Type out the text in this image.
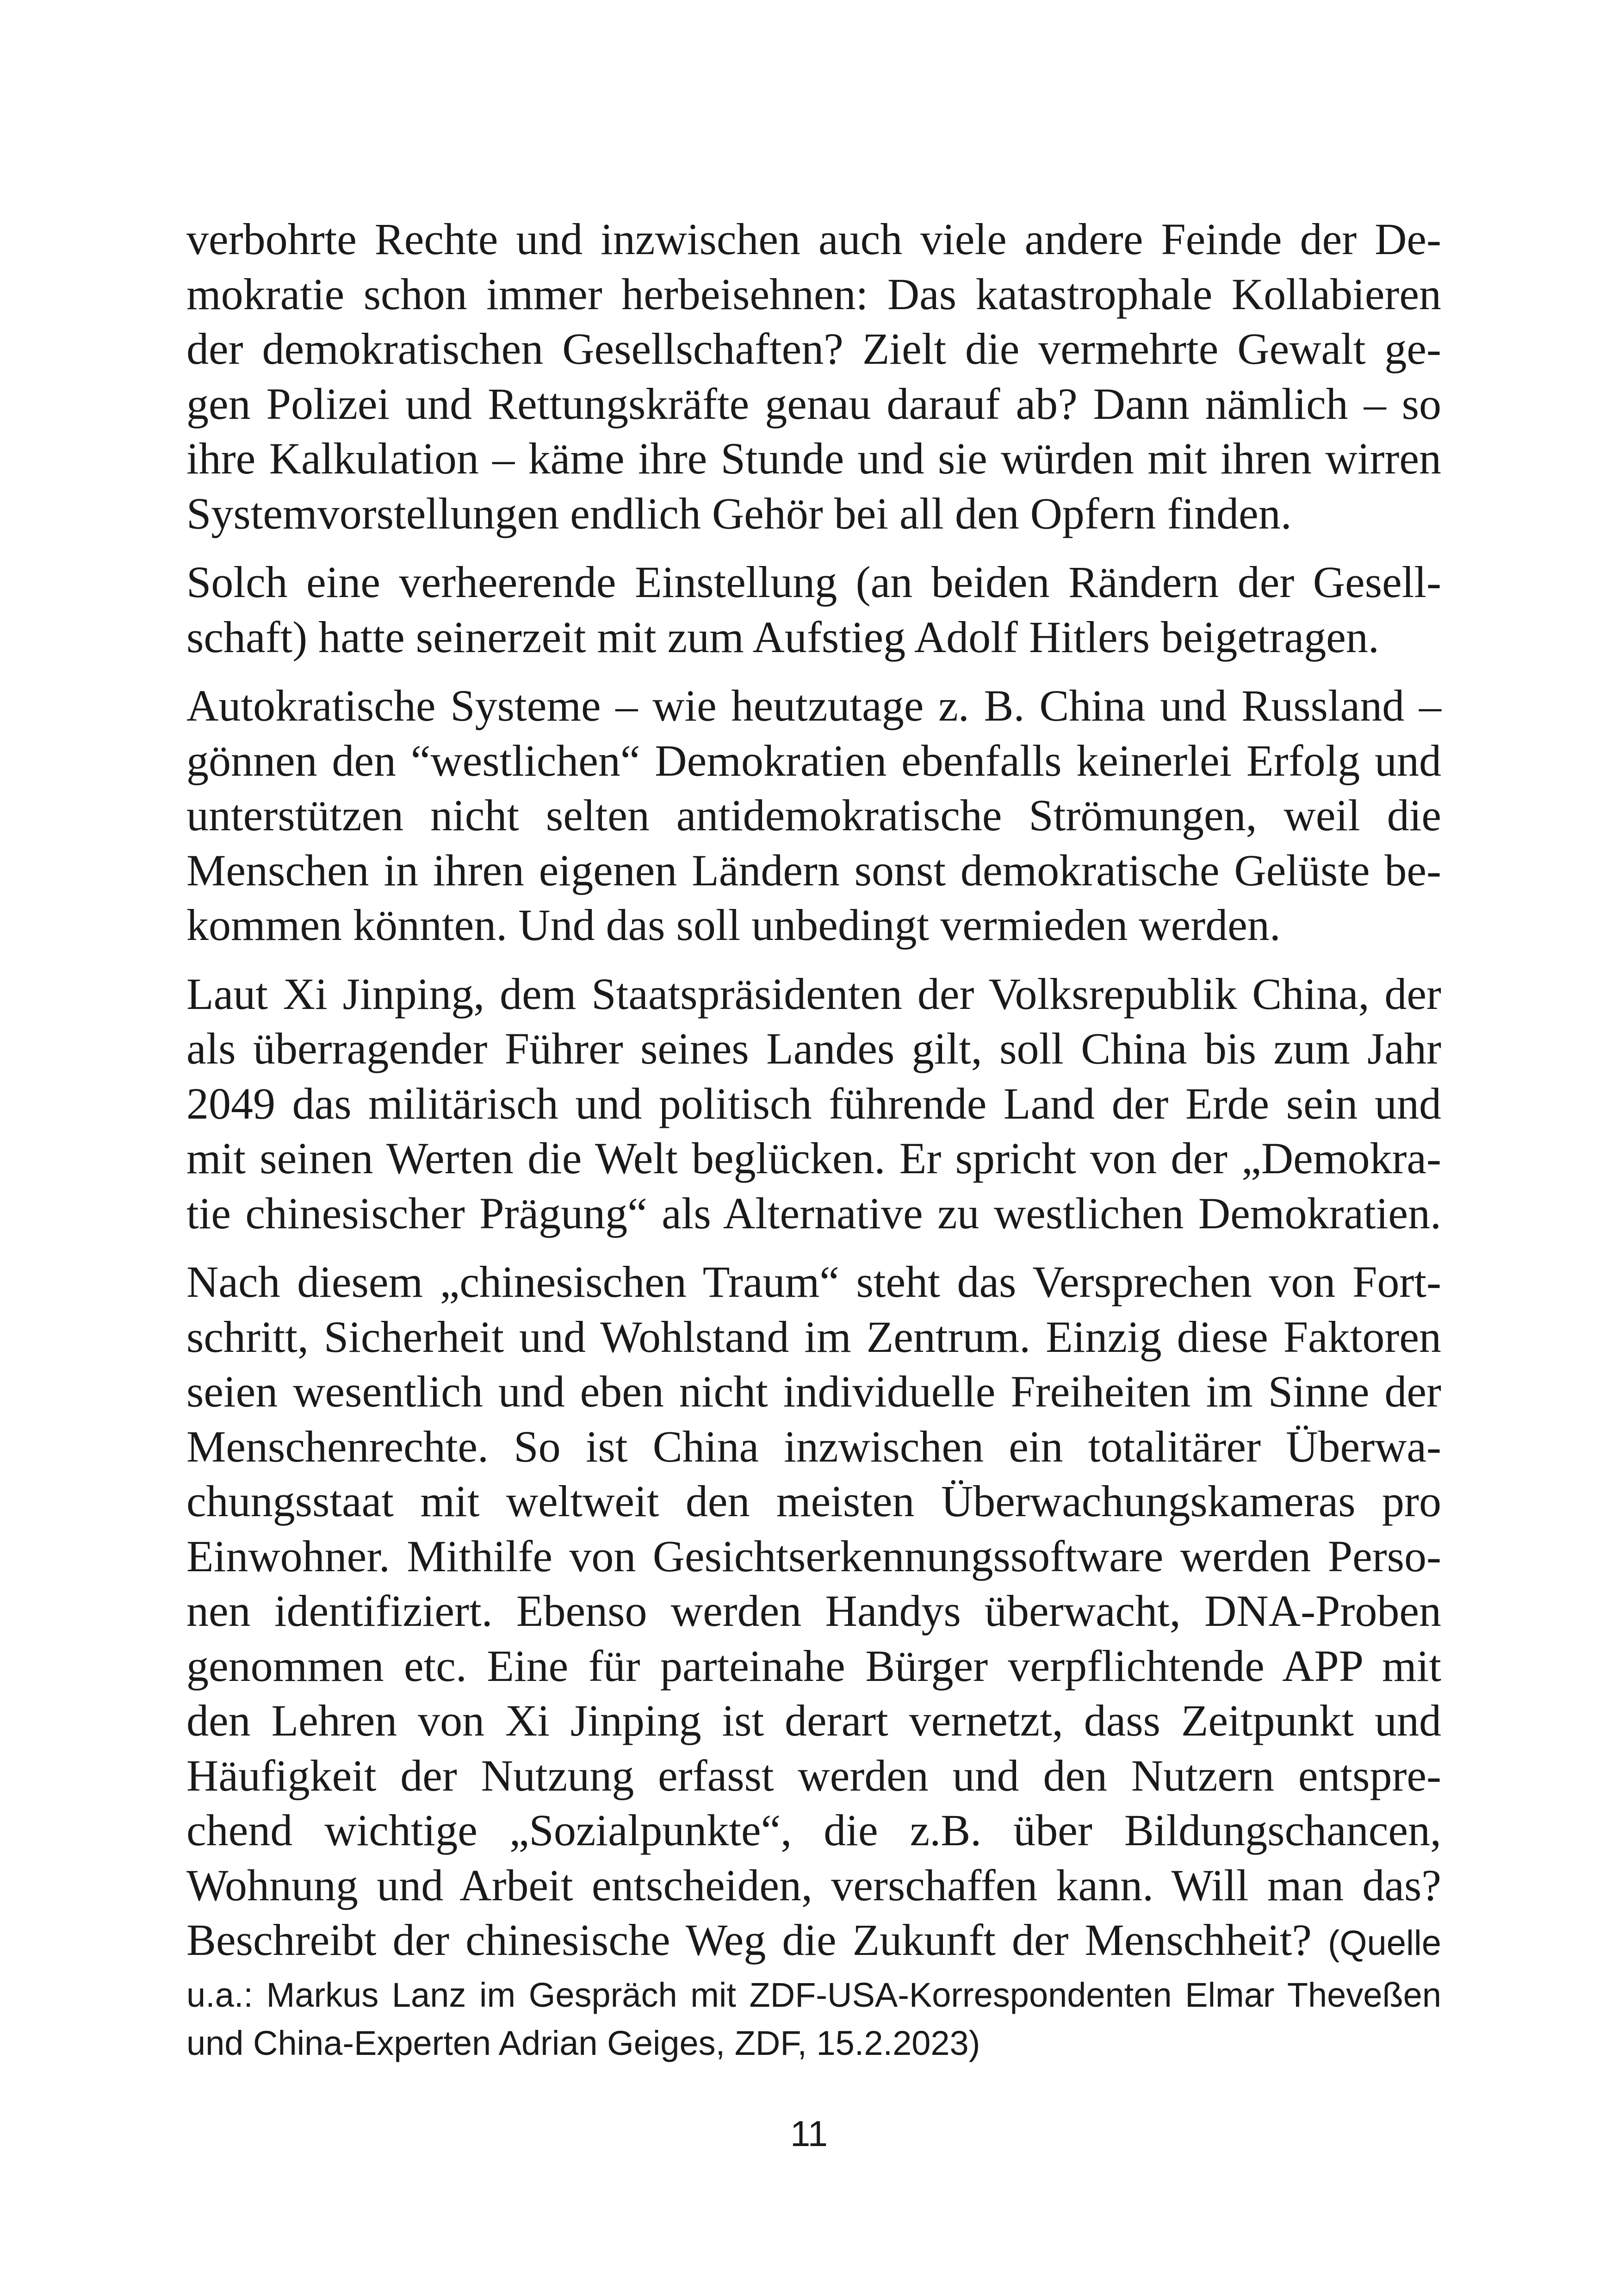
verbohrte Rechte und inzwischen auch viele andere Feinde der De-
mokratie schon immer herbeisehnen: Das katastrophale Kollabieren
der demokratischen Gesellschaften? Zielt die vermehrte Gewalt ge-
gen Polizei und Rettungskräfte genau darauf ab? Dann nämlich – so
ihre Kalkulation – käme ihre Stunde und sie würden mit ihren wirren
Systemvorstellungen endlich Gehör bei all den Opfern finden.

Solch eine verheerende Einstellung (an beiden Rändern der Gesell-
schaft) hatte seinerzeit mit zum Aufstieg Adolf Hitlers beigetragen.

Autokratische Systeme – wie heutzutage z. B. China und Russland –
gönnen den “westlichen“ Demokratien ebenfalls keinerlei Erfolg und
unterstützen nicht selten antidemokratische Strömungen, weil die
Menschen in ihren eigenen Ländern sonst demokratische Gelüste be-
kommen könnten. Und das soll unbedingt vermieden werden.

Laut Xi Jinping, dem Staatspräsidenten der Volksrepublik China, der
als überragender Führer seines Landes gilt, soll China bis zum Jahr
2049 das militärisch und politisch führende Land der Erde sein und
mit seinen Werten die Welt beglücken. Er spricht von der „Demokra-
tie chinesischer Prägung“ als Alternative zu westlichen Demokratien.

Nach diesem „chinesischen Traum“ steht das Versprechen von Fort-
schritt, Sicherheit und Wohlstand im Zentrum. Einzig diese Faktoren
seien wesentlich und eben nicht individuelle Freiheiten im Sinne der
Menschenrechte. So ist China inzwischen ein totalitärer Überwa-
chungsstaat mit weltweit den meisten Überwachungskameras pro
Einwohner. Mithilfe von Gesichtserkennungssoftware werden Perso-
nen identifiziert. Ebenso werden Handys überwacht, DNA-Proben
genommen etc. Eine für parteinahe Bürger verpflichtende APP mit
den Lehren von Xi Jinping ist derart vernetzt, dass Zeitpunkt und
Häufigkeit der Nutzung erfasst werden und den Nutzern entspre-
chend wichtige „Sozialpunkte“, die z.B. über Bildungschancen,
Wohnung und Arbeit entscheiden, verschaffen kann. Will man das?
Beschreibt der chinesische Weg die Zukunft der Menschheit? (Quelle
u.a.: Markus Lanz im Gespräch mit ZDF-USA-Korrespondenten Elmar Theveßen
und China-Experten Adrian Geiges, ZDF, 15.2.2023)

11
